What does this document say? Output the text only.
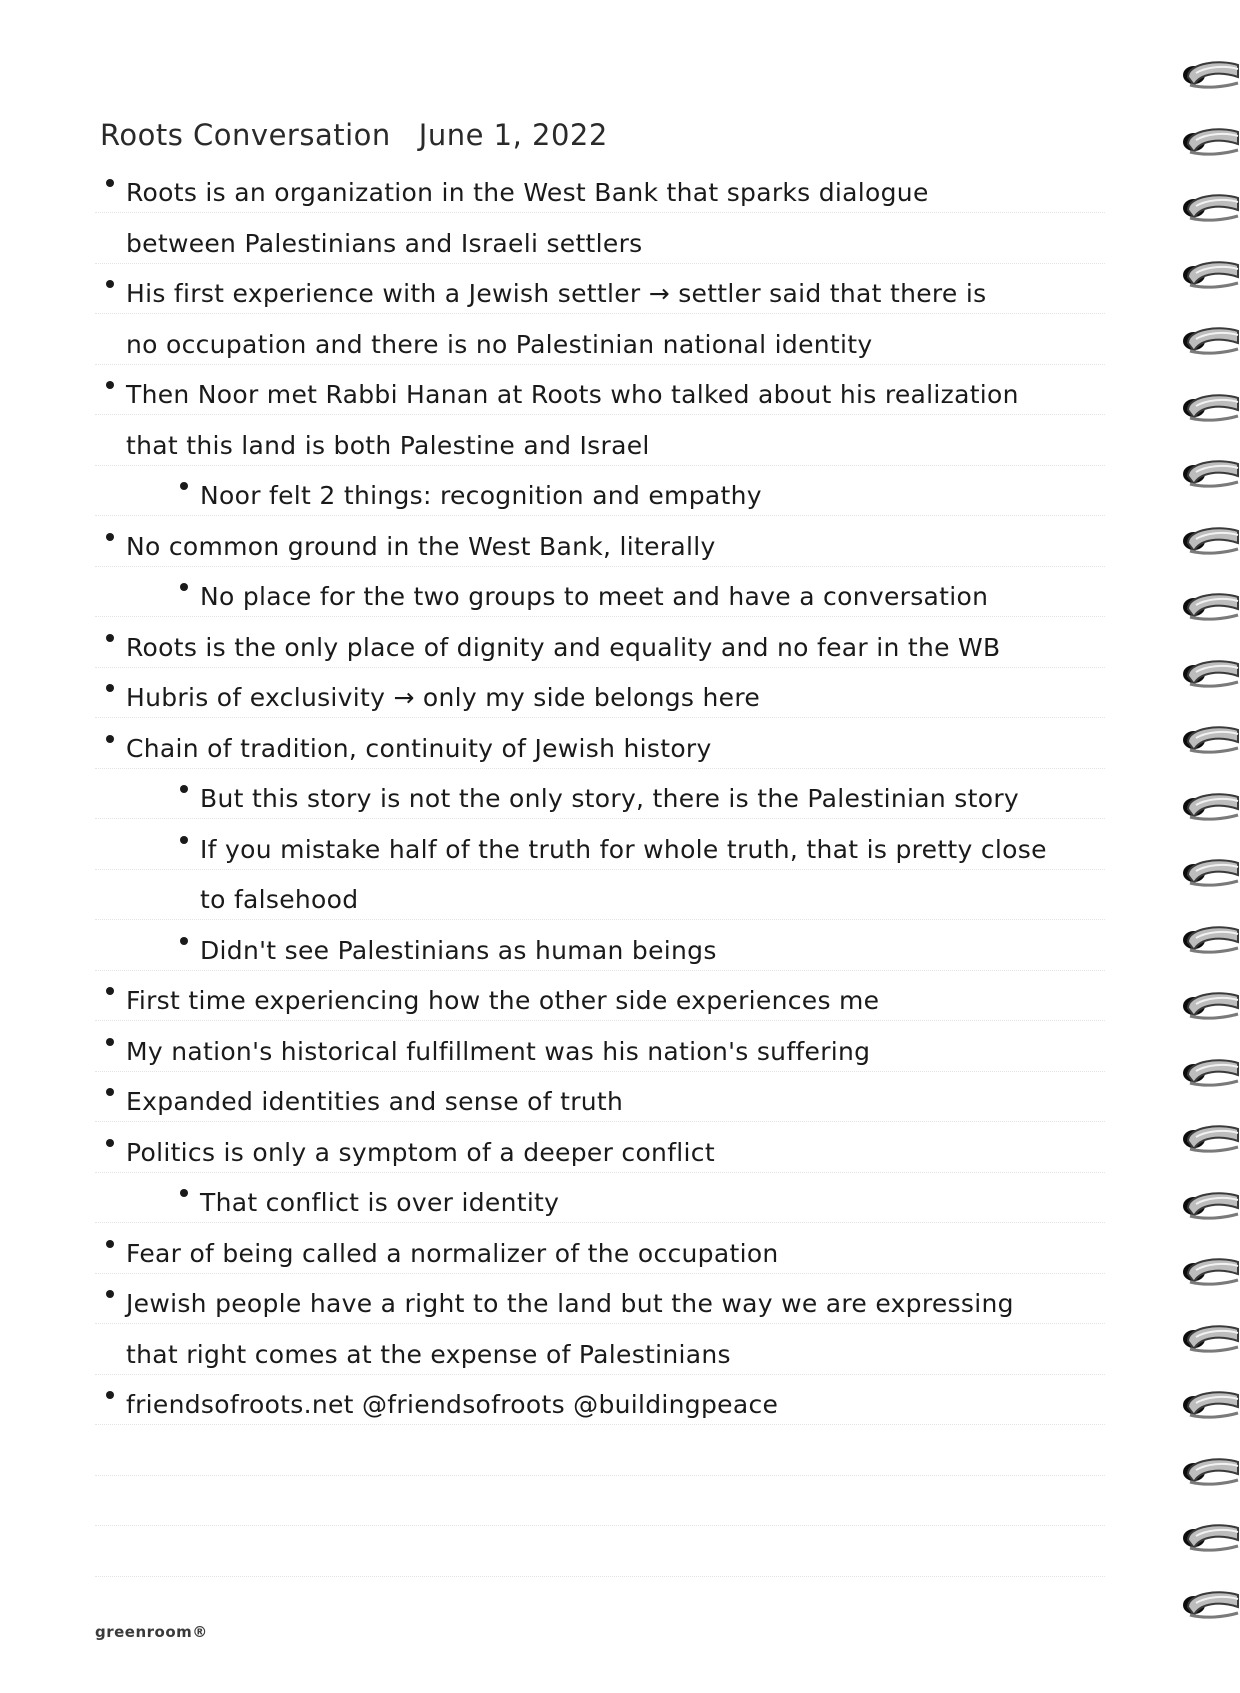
Roots Conversation June 1, 2022
Roots is an organization in the West Bank that sparks dialogue
between Palestinians and Israeli settlers
His first experience with a Jewish settler → settler said that there is
no occupation and there is no Palestinian national identity
Then Noor met Rabbi Hanan at Roots who talked about his realization
that this land is both Palestine and Israel
Noor felt 2 things: recognition and empathy
No common ground in the West Bank, literally
No place for the two groups to meet and have a conversation
Roots is the only place of dignity and equality and no fear in the WB
Hubris of exclusivity → only my side belongs here
Chain of tradition, continuity of Jewish history
But this story is not the only story, there is the Palestinian story
If you mistake half of the truth for whole truth, that is pretty close
to falsehood
Didn't see Palestinians as human beings
First time experiencing how the other side experiences me
My nation's historical fulfillment was his nation's suffering
Expanded identities and sense of truth
Politics is only a symptom of a deeper conflict
That conflict is over identity
Fear of being called a normalizer of the occupation
Jewish people have a right to the land but the way we are expressing
that right comes at the expense of Palestinians
friendsofroots.net @friendsofroots @buildingpeace
greenroom®
